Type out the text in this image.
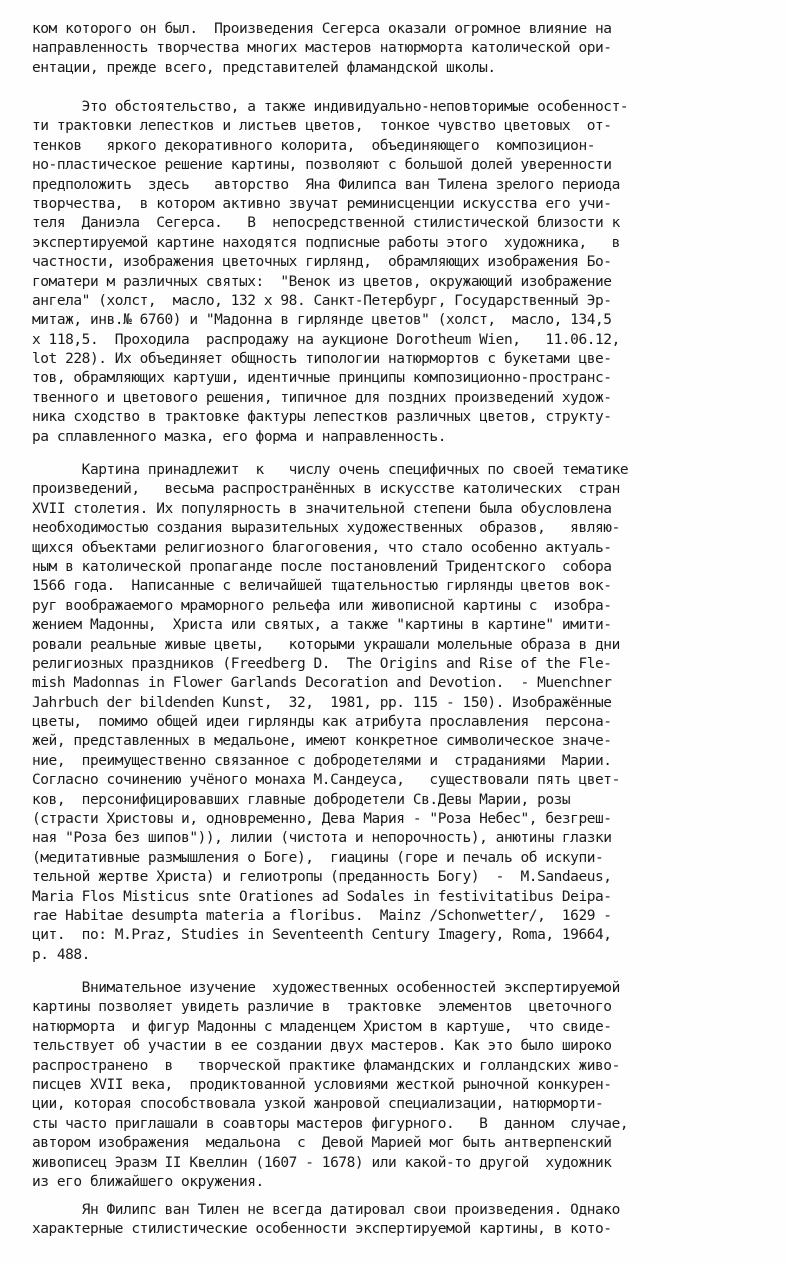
ком которого он был.  Произведения Сегерса оказали огромное влияние на
направленность творчества многих мастеров натюрморта католической ори-
ентации, прежде всего, представителей фламандской школы.
Это обстоятельство, а также индивидуально-неповторимые особенност-
ти трактовки лепестков и листьев цветов,  тонкое чувство цветовых  от-
тенков   яркого декоративного колорита,  объединяющего  композицион-
но-пластическое решение картины, позволяют с большой долей уверенности
предположить  здесь   авторство  Яна Филипса ван Тилена зрелого периода
творчества,  в котором активно звучат реминисценции искусства его учи-
теля  Даниэла  Сегерса.   В  непосредственной стилистической близости к
экспертируемой картине находятся подписные работы этого  художника,   в
частности, изображения цветочных гирлянд,  обрамляющих изображения Бо-
гоматери м различных святых:  "Венок из цветов, окружающий изображение
ангела" (холст,  масло, 132 х 98. Санкт-Петербург, Государственный Эр-
митаж, инв.№ 6760) и "Мадонна в гирлянде цветов" (холст,  масло, 134,5
x 118,5.  Проходила  распродажу на аукционе Dorotheum Wien,   11.06.12,
lot 228). Их объединяет общность типологии натюрмортов с букетами цве-
тов, обрамляющих картуши, идентичные принципы композиционно-пространс-
твенного и цветового решения, типичное для поздних произведений худож-
ника сходство в трактовке фактуры лепестков различных цветов, структу-
ра сплавленного мазка, его форма и направленность.
Картина принадлежит  к   числу очень специфичных по своей тематике
произведений,   весьма распространённых в искусстве католических  стран
XVII столетия. Их популярность в значительной степени была обусловлена
необходимостью создания выразительных художественных  образов,   являю-
щихся объектами религиозного благоговения, что стало особенно актуаль-
ным в католической пропаганде после постановлений Тридентского  собора
1566 года.  Написанные с величайшей тщательностью гирлянды цветов вок-
руг воображаемого мраморного рельефа или живописной картины с  изобра-
жением Мадонны,  Христа или святых, а также "картины в картине" имити-
ровали реальные живые цветы,   которыми украшали молельные образа в дни
религиозных праздников (Freedberg D.  The Origins and Rise of the Fle-
mish Madonnas in Flower Garlands Decoration and Devotion.  - Muenchner
Jahrbuch der bildenden Kunst,  32,  1981, pp. 115 - 150). Изображённые
цветы,  помимо общей идеи гирлянды как атрибута прославления  персона-
жей, представленных в медальоне, имеют конкретное символическое значе-
ние,  преимущественно связанное с добродетелями и  страданиями  Марии.
Согласно сочинению учёного монаха М.Сандеуса,   существовали пять цвет-
ков,  персонифицировавших главные добродетели Св.Девы Марии, розы
(страсти Христовы и, одновременно, Дева Мария - "Роза Небес", безгреш-
ная "Роза без шипов")), лилии (чистота и непорочность), анютины глазки
(медитативные размышления о Боге),  гиацины (горе и печаль об искупи-
тельной жертве Христа) и гелиотропы (преданность Богу)  -  M.Sandaeus,
Maria Flos Misticus snte Orationes ad Sodales in festivitatibus Deipa-
rae Habitae desumpta materia a floribus.  Mainz /Schonwetter/,  1629 -
цит.  по: M.Praz, Studies in Seventeenth Century Imagery, Roma, 19664,
p. 488.
Внимательное изучение  художественных особенностей экспертируемой
картины позволяет увидеть различие в  трактовке  элементов  цветочного
натюрморта  и фигур Мадонны с младенцем Христом в картуше,  что свиде-
тельствует об участии в ее создании двух мастеров. Как это было широко
распространено  в   творческой практике фламандских и голландских живо-
писцев XVII века,  продиктованной условиями жесткой рыночной конкурен-
ции, которая способствовала узкой жанровой специализации, натюрморти-
сты часто приглашали в соавторы мастеров фигурного.   В  данном  случае,
автором изображения  медальона  с  Девой Марией мог быть антверпенский
живописец Эразм II Квеллин (1607 - 1678) или какой-то другой  художник
из его ближайшего окружения.
Ян Филипс ван Тилен не всегда датировал свои произведения. Однако
характерные стилистические особенности экспертируемой картины, в кото-
